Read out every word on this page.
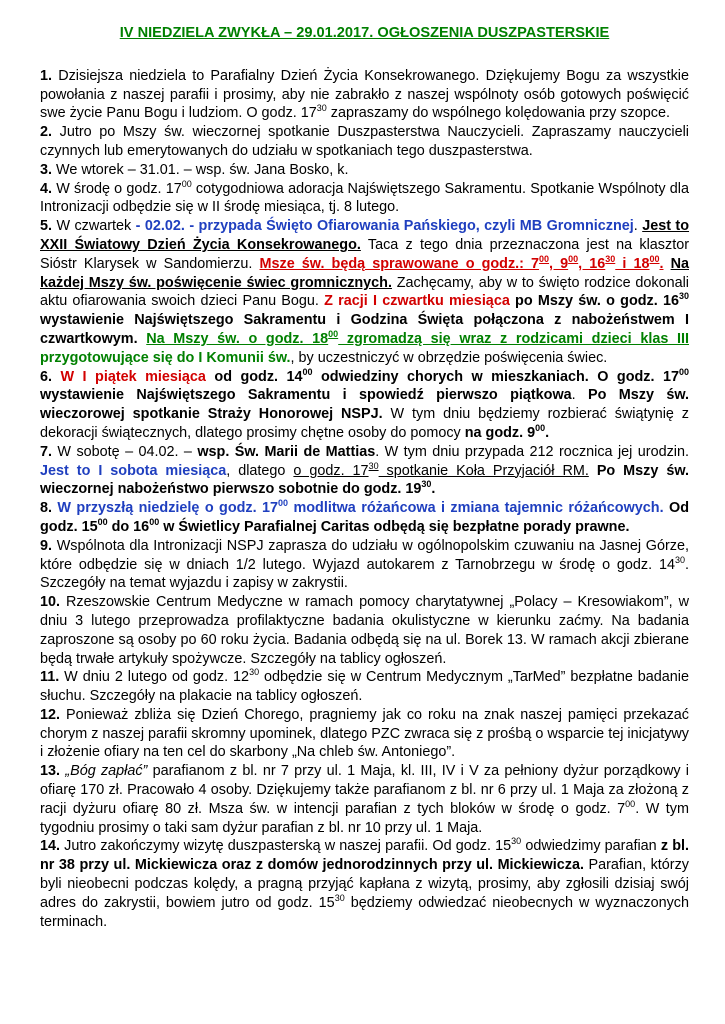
IV NIEDZIELA ZWYKŁA – 29.01.2017. OGŁOSZENIA DUSZPASTERSKIE

1. Dzisiejsza niedziela to Parafialny Dzień Życia Konsekrowanego. Dziękujemy Bogu za wszystkie powołania z naszej parafii i prosimy, aby nie zabrakło z naszej wspólnoty osób gotowych poświęcić swe życie Panu Bogu i ludziom. O godz. $17^{30}$ zapraszamy do wspólnego kolędowania przy szopce.

2. Jutro po Mszy św. wieczornej spotkanie Duszpasterstwa Nauczycieli. Zapraszamy nauczycieli czynnych lub emerytowanych do udziału w spotkaniach tego duszpasterstwa.

3. We wtorek – 31.01. – wsp. św. Jana Bosko, k.

4. W środę o godz. $17^{00}$ cotygodniowa adoracja Najświętszego Sakramentu. Spotkanie Wspólnoty dla Intronizacji odbędzie się w II środę miesiąca, tj. 8 lutego.

5. W czwartek - 02.02. - przypada Święto Ofiarowania Pańskiego, czyli MB Gromnicznej. Jest to XXII Światowy Dzień Życia Konsekrowanego. Taca z tego dnia przeznaczona jest na klasztor Sióstr Klarysek w Sandomierzu. Msze św. będą sprawowane o godz.: $7^{00}$, $9^{00}$, $16^{30}$ i $18^{00}$. Na każdej Mszy św. poświęcenie świec gromnicznych. Zachęcamy, aby w to święto rodzice dokonali aktu ofiarowania swoich dzieci Panu Bogu. Z racji I czwartku miesiąca po Mszy św. o godz. $16^{30}$ wystawienie Najświętszego Sakramentu i Godzina Święta połączona z nabożeństwem I czwartkowym. Na Mszy św. o godz. $18^{00}$ zgromadzą się wraz z rodzicami dzieci klas III przygotowujące się do I Komunii św., by uczestniczyć w obrzędzie poświęcenia świec.

6. W I piątek miesiąca od godz. $14^{00}$ odwiedziny chorych w mieszkaniach. O godz. $17^{00}$ wystawienie Najświętszego Sakramentu i spowiedź pierwszo piątkowa. Po Mszy św. wieczorowej spotkanie Straży Honorowej NSPJ. W tym dniu będziemy rozbierać świątynię z dekoracji świątecznych, dlatego prosimy chętne osoby do pomocy na godz. $9^{00}$.

7. W sobotę – 04.02. – wsp. Św. Marii de Mattias. W tym dniu przypada 212 rocznica jej urodzin. Jest to I sobota miesiąca, dlatego o godz. $17^{30}$ spotkanie Koła Przyjaciół RM. Po Mszy św. wieczornej nabożeństwo pierwszo sobotnie do godz. $19^{30}$.

8. W przyszłą niedzielę o godz. $17^{00}$ modlitwa różańcowa i zmiana tajemnic różańcowych. Od godz. $15^{00}$ do $16^{00}$ w Świetlicy Parafialnej Caritas odbędą się bezpłatne porady prawne.

9. Wspólnota dla Intronizacji NSPJ zaprasza do udziału w ogólnopolskim czuwaniu na Jasnej Górze, które odbędzie się w dniach 1/2 lutego. Wyjazd autokarem z Tarnobrzegu w środę o godz. $14^{30}$. Szczegóły na temat wyjazdu i zapisy w zakrystii.

10. Rzeszowskie Centrum Medyczne w ramach pomocy charytatywnej „Polacy – Kresowiakom”, w dniu 3 lutego przeprowadza profilaktyczne badania okulistyczne w kierunku zaćmy. Na badania zaproszone są osoby po 60 roku życia. Badania odbędą się na ul. Borek 13. W ramach akcji zbierane będą trwałe artykuły spożywcze. Szczegóły na tablicy ogłoszeń.

11. W dniu 2 lutego od godz. $12^{30}$ odbędzie się w Centrum Medycznym „TarMed” bezpłatne badanie słuchu. Szczegóły na plakacie na tablicy ogłoszeń.

12. Ponieważ zbliża się Dzień Chorego, pragniemy jak co roku na znak naszej pamięci przekazać chorym z naszej parafii skromny upominek, dlatego PZC zwraca się z prośbą o wsparcie tej inicjatywy i złożenie ofiary na ten cel do skarbony „Na chleb św. Antoniego”.

13. „Bóg zapłać” parafianom z bl. nr 7 przy ul. 1 Maja, kl. III, IV i V za pełniony dyżur porządkowy i ofiarę 170 zł. Pracowało 4 osoby. Dziękujemy także parafianom z bl. nr 6 przy ul. 1 Maja za złożoną z racji dyżuru ofiarę 80 zł. Msza św. w intencji parafian z tych bloków w środę o godz. $7^{00}$. W tym tygodniu prosimy o taki sam dyżur parafian z bl. nr 10 przy ul. 1 Maja.

14. Jutro zakończymy wizytę duszpasterską w naszej parafii. Od godz. $15^{30}$ odwiedzimy parafian z bl. nr 38 przy ul. Mickiewicza oraz z domów jednorodzinnych przy ul. Mickiewicza. Parafian, którzy byli nieobecni podczas kolędy, a pragną przyjąć kapłana z wizytą, prosimy, aby zgłosili dzisiaj swój adres do zakrystii, bowiem jutro od godz. $15^{30}$ będziemy odwiedzać nieobecnych w wyznaczonych terminach.
